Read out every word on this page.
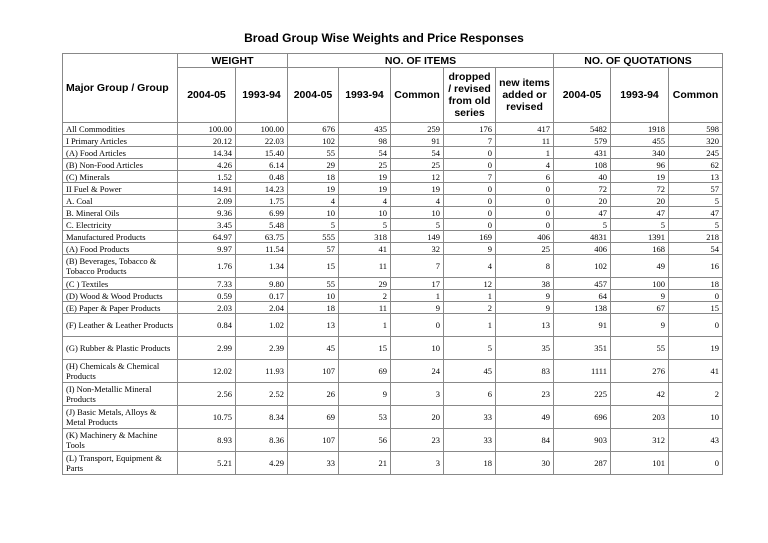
Broad Group Wise Weights and Price Responses
Major Group / Group	WEIGHT		NO. OF ITEMS					NO. OF QUOTATIONS		
	2004-05	1993-94	2004-05	1993-94	Common	dropped / revised from old series	new items added or revised	2004-05	1993-94	Common
All Commodities	100.00	100.00	676	435	259	176	417	5482	1918	598
I Primary Articles	20.12	22.03	102	98	91	7	11	579	455	320
(A) Food Articles	14.34	15.40	55	54	54	0	1	431	340	245
(B) Non-Food Articles	4.26	6.14	29	25	25	0	4	108	96	62
(C) Minerals	1.52	0.48	18	19	12	7	6	40	19	13
II Fuel & Power	14.91	14.23	19	19	19	0	0	72	72	57
A. Coal	2.09	1.75	4	4	4	0	0	20	20	5
B. Mineral Oils	9.36	6.99	10	10	10	0	0	47	47	47
C. Electricity	3.45	5.48	5	5	5	0	0	5	5	5
Manufactured Products	64.97	63.75	555	318	149	169	406	4831	1391	218
(A) Food Products	9.97	11.54	57	41	32	9	25	406	168	54
(B) Beverages, Tobacco & Tobacco Products	1.76	1.34	15	11	7	4	8	102	49	16
(C ) Textiles	7.33	9.80	55	29	17	12	38	457	100	18
(D) Wood & Wood Products	0.59	0.17	10	2	1	1	9	64	9	0
(E) Paper & Paper Products	2.03	2.04	18	11	9	2	9	138	67	15
(F) Leather & Leather Products	0.84	1.02	13	1	0	1	13	91	9	0
(G) Rubber & Plastic Products	2.99	2.39	45	15	10	5	35	351	55	19
(H) Chemicals & Chemical Products	12.02	11.93	107	69	24	45	83	1111	276	41
(I) Non-Metallic Mineral Products	2.56	2.52	26	9	3	6	23	225	42	2
(J) Basic Metals, Alloys & Metal Products	10.75	8.34	69	53	20	33	49	696	203	10
(K) Machinery & Machine Tools	8.93	8.36	107	56	23	33	84	903	312	43
(L) Transport, Equipment & Parts	5.21	4.29	33	21	3	18	30	287	101	0
